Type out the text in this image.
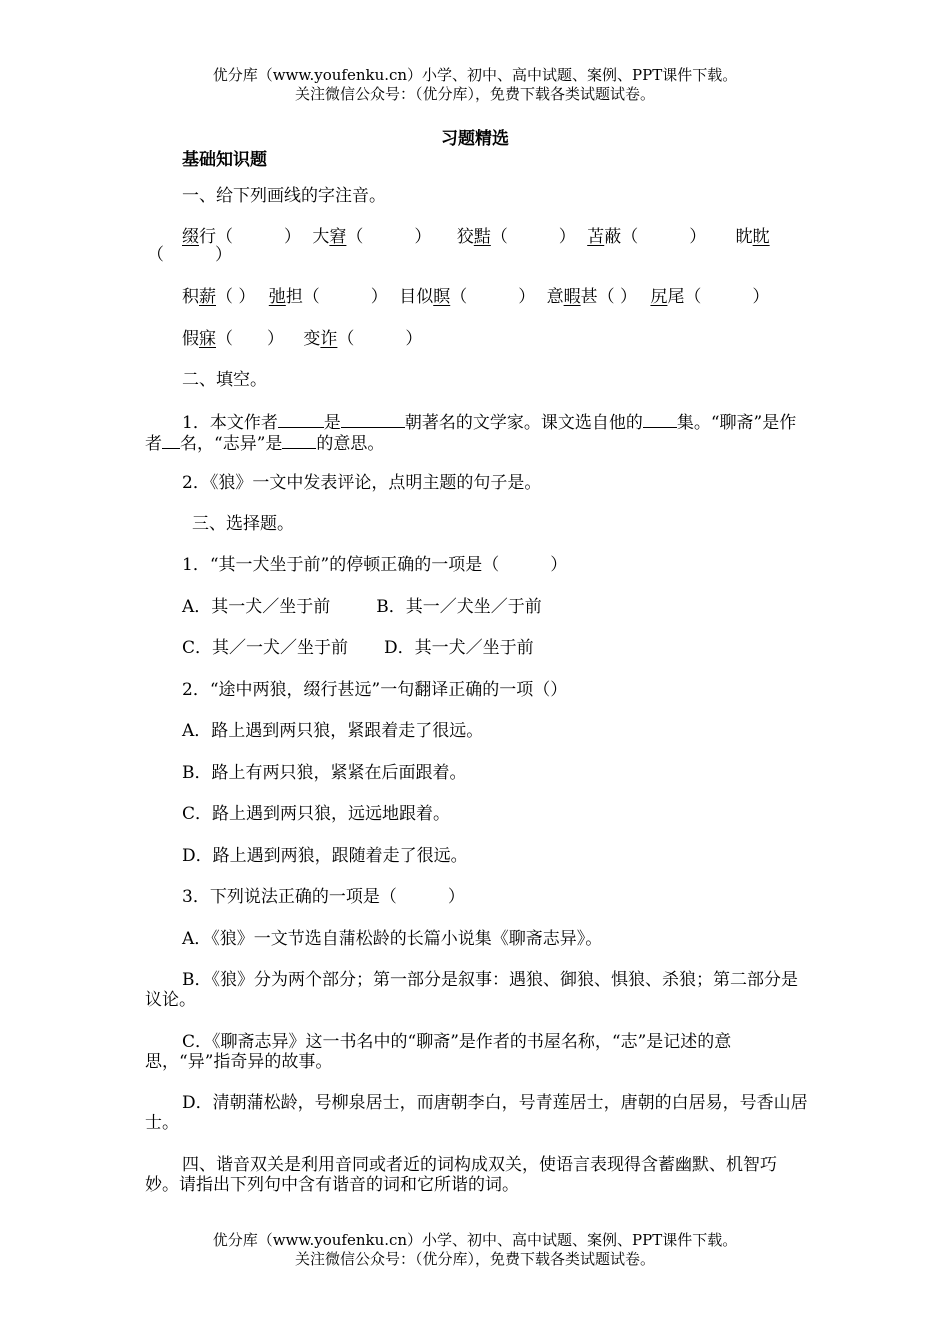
优分库（www.youfenku.cn）小学、初中、高中试题、案例、PPT课件下载。
关注微信公众号：（优分库），免费下载各类试题试卷。
习题精选
基础知识题
一、给下列画线的字注音。
缀行（　　　） 大窘（　　　） 狡黠（　　　） 苫蔽（　　　） 眈眈
（　　　）
积薪（ ） 弛担（　　　） 目似瞑（　　　） 意暇甚（ ） 尻尾（　　　）
假寐（　　） 变诈（　　　）
二、填空。
1．本文作者	是	朝著名的文学家。课文选自他的 集。“聊斋”是作者 名，“志异”是 的意思。
2．《狼》一文中发表评论，点明主题的句子是。
三、选择题。
1．“其一犬坐于前”的停顿正确的一项是（　　　）
A．其一犬／坐于前	B．其一／犬坐／于前
C．其／一犬／坐于前 D．其一犬／坐于前
2．“途中两狼，缀行甚远”一句翻译正确的一项（）
A．路上遇到两只狼，紧跟着走了很远。
B．路上有两只狼，紧紧在后面跟着。
C．路上遇到两只狼，远远地跟着。
D．路上遇到两狼，跟随着走了很远。
3．下列说法正确的一项是（　　　）
A．《狼》一文节选自蒲松龄的长篇小说集《聊斋志异》。
B．《狼》分为两个部分；第一部分是叙事：遇狼、御狼、惧狼、杀狼；第二部分是议论。
C．《聊斋志异》这一书名中的“聊斋”是作者的书屋名称，“志”是记述的意思，“异”指奇异的故事。
D．清朝蒲松龄，号柳泉居士，而唐朝李白，号青莲居士，唐朝的白居易，号香山居士。
四、谐音双关是利用音同或者近的词构成双关，使语言表现得含蓄幽默、机智巧妙。请指出下列句中含有谐音的词和它所谐的词。
优分库（www.youfenku.cn）小学、初中、高中试题、案例、PPT课件下载。
关注微信公众号：（优分库），免费下载各类试题试卷。
